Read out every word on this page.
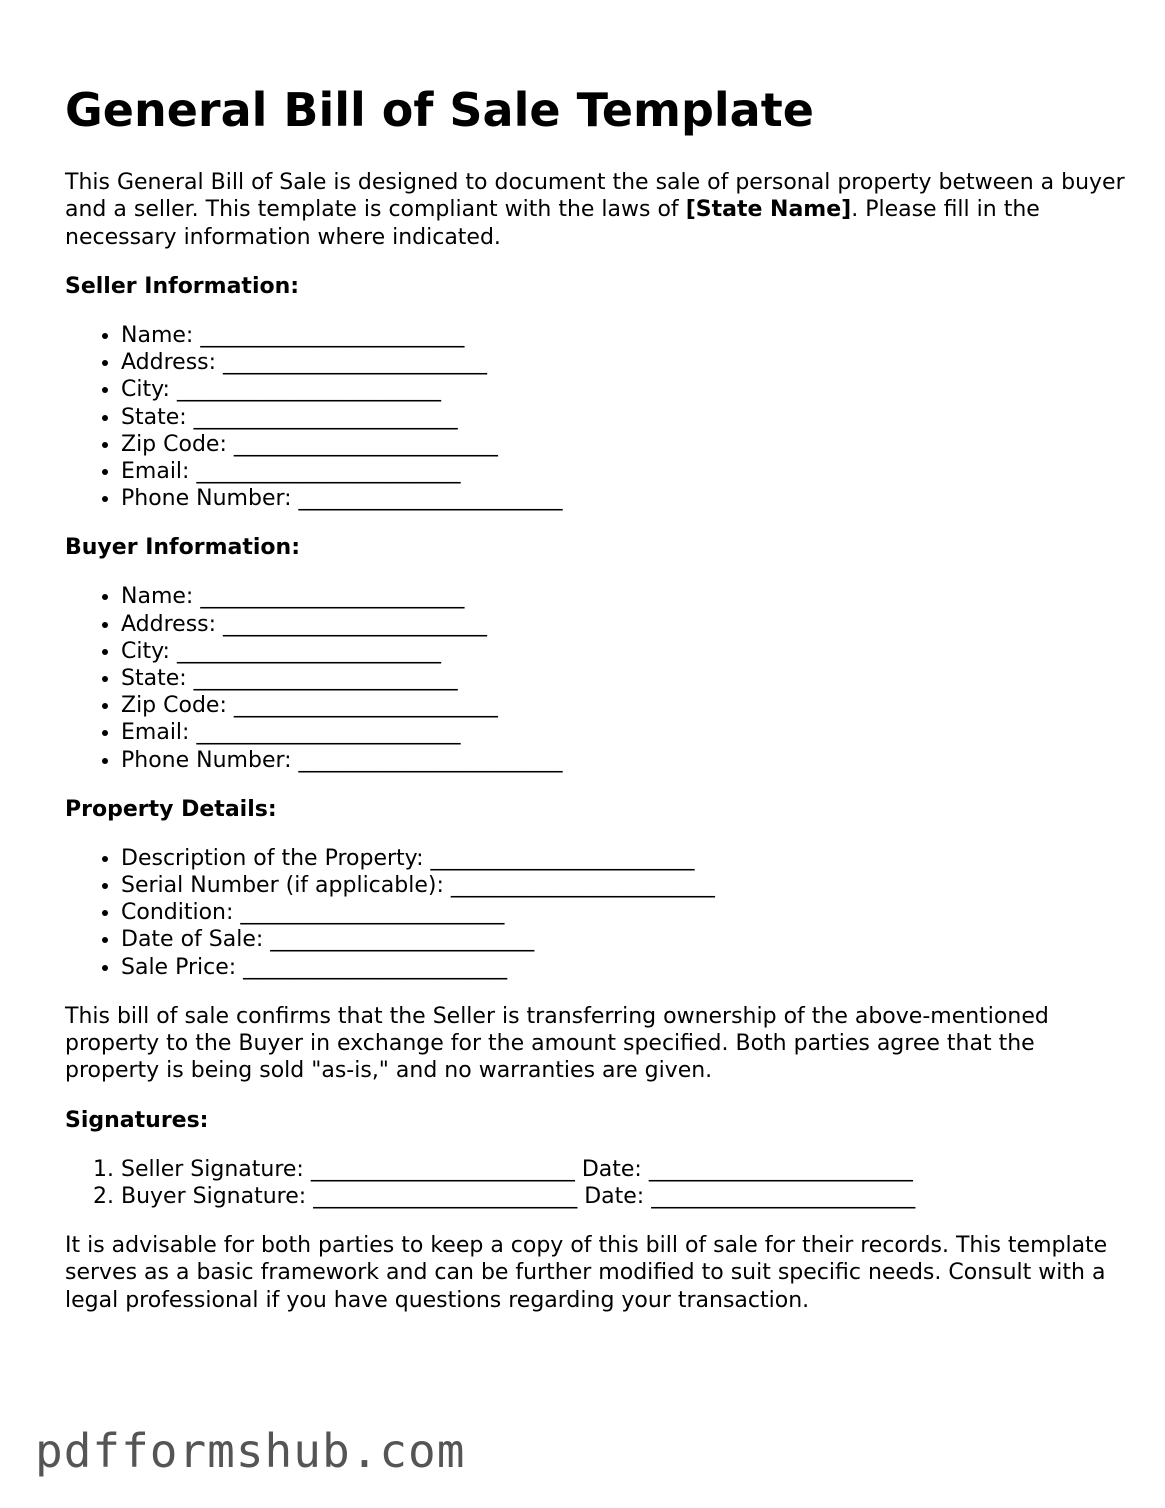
General Bill of Sale Template

This General Bill of Sale is designed to document the sale of personal property between a buyer and a seller. This template is compliant with the laws of [State Name]. Please fill in the necessary information where indicated.

Seller Information:
• Name: ________________________
• Address: ________________________
• City: ________________________
• State: ________________________
• Zip Code: ________________________
• Email: ________________________
• Phone Number: ________________________
Buyer Information:
• Name: ________________________
• Address: ________________________
• City: ________________________
• State: ________________________
• Zip Code: ________________________
• Email: ________________________
• Phone Number: ________________________
Property Details:
• Description of the Property: ________________________
• Serial Number (if applicable): ________________________
• Condition: ________________________
• Date of Sale: ________________________
• Sale Price: ________________________

This bill of sale confirms that the Seller is transferring ownership of the above-mentioned property to the Buyer in exchange for the amount specified. Both parties agree that the property is being sold "as-is," and no warranties are given.

Signatures:
1. Seller Signature: ________________________ Date: ________________________
2. Buyer Signature: ________________________ Date: ________________________

It is advisable for both parties to keep a copy of this bill of sale for their records. This template serves as a basic framework and can be further modified to suit specific needs. Consult with a legal professional if you have questions regarding your transaction.

pdfformshub.com
